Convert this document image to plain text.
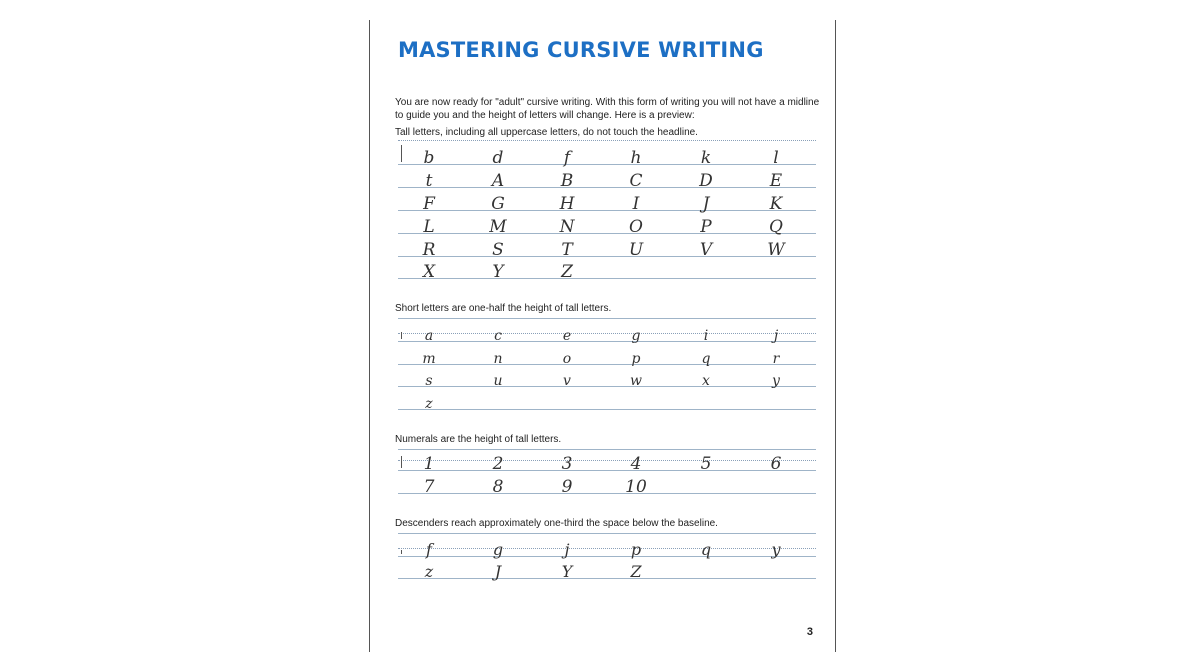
MASTERING CURSIVE WRITING
You are now ready for "adult" cursive writing. With this form of writing you will not have a midline to guide you and the height of letters will change. Here is a preview:
3
Tall letters, including all uppercase letters, do not touch the headline.
b	d	f	h	k	l
t	A	B	C	D	E
F	G	H	I	J	K
L	M	N	O	P	Q
R	S	T	U	V	W
X	Y	Z
Short letters are one-half the height of tall letters.
a	c	e	g	i	j
m	n	o	p	q	r
s	u	v	w	x	y
z
Numerals are the height of tall letters.
1	2	3	4	5	6
7	8	9	10
Descenders reach approximately one-third the space below the baseline.
f	g	j	p	q	y
z	J	Y	Z
